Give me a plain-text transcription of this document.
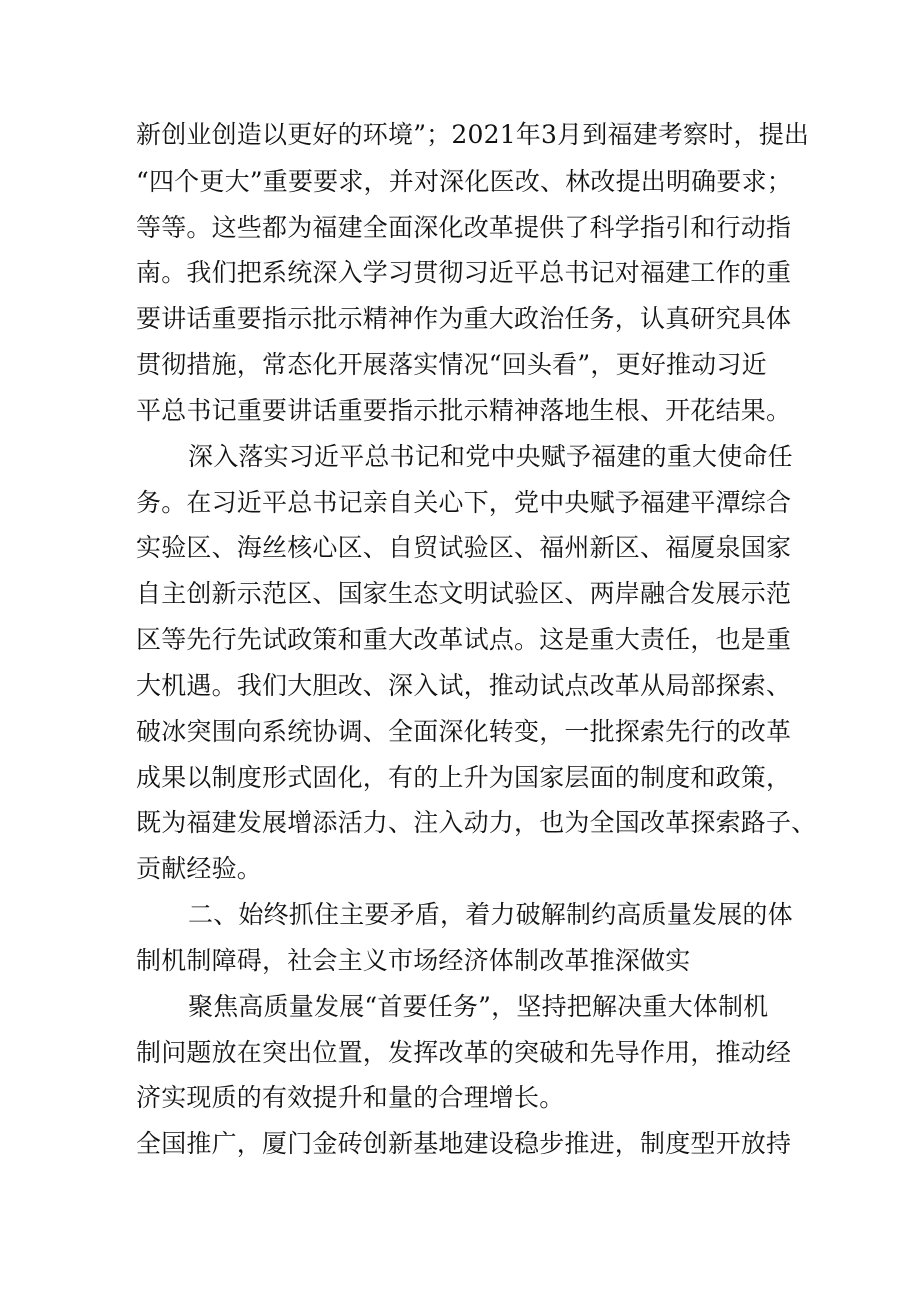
新创业创造以更好的环境”；2021年3月到福建考察时，提出
“四个更大”重要要求，并对深化医改、林改提出明确要求；
等等。这些都为福建全面深化改革提供了科学指引和行动指
南。我们把系统深入学习贯彻习近平总书记对福建工作的重
要讲话重要指示批示精神作为重大政治任务，认真研究具体
贯彻措施，常态化开展落实情况“回头看”，更好推动习近
平总书记重要讲话重要指示批示精神落地生根、开花结果。
深入落实习近平总书记和党中央赋予福建的重大使命任
务。在习近平总书记亲自关心下，党中央赋予福建平潭综合
实验区、海丝核心区、自贸试验区、福州新区、福厦泉国家
自主创新示范区、国家生态文明试验区、两岸融合发展示范
区等先行先试政策和重大改革试点。这是重大责任，也是重
大机遇。我们大胆改、深入试，推动试点改革从局部探索、
破冰突围向系统协调、全面深化转变，一批探索先行的改革
成果以制度形式固化，有的上升为国家层面的制度和政策，
既为福建发展增添活力、注入动力，也为全国改革探索路子、
贡献经验。
二、始终抓住主要矛盾，着力破解制约高质量发展的体
制机制障碍，社会主义市场经济体制改革推深做实
聚焦高质量发展“首要任务”，坚持把解决重大体制机
制问题放在突出位置，发挥改革的突破和先导作用，推动经
济实现质的有效提升和量的合理增长。
全国推广，厦门金砖创新基地建设稳步推进，制度型开放持
